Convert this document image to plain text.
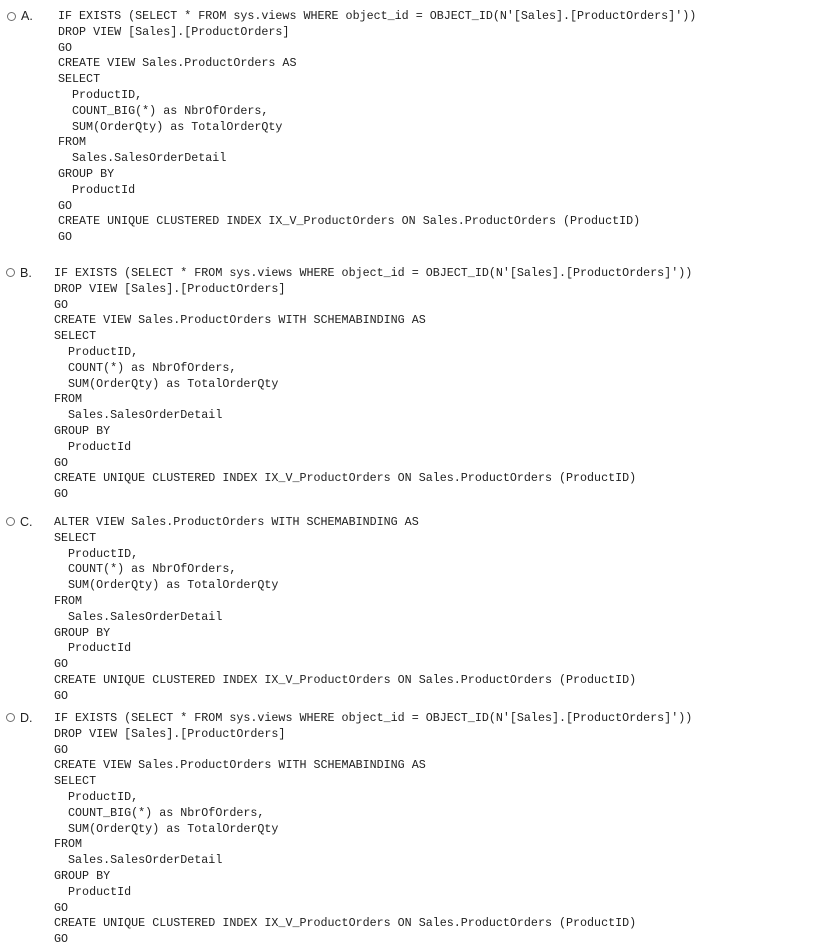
A. IF EXISTS (SELECT * FROM sys.views WHERE object_id = OBJECT_ID(N'[Sales].[ProductOrders]'))
DROP VIEW [Sales].[ProductOrders]
GO
CREATE VIEW Sales.ProductOrders AS
SELECT
ProductID,
COUNT_BIG(*) as NbrOfOrders,
SUM(OrderQty) as TotalOrderQty
FROM
Sales.SalesOrderDetail
GROUP BY
ProductId
GO
CREATE UNIQUE CLUSTERED INDEX IX_V_ProductOrders ON Sales.ProductOrders (ProductID)
GO
B. IF EXISTS (SELECT * FROM sys.views WHERE object_id = OBJECT_ID(N'[Sales].[ProductOrders]'))
DROP VIEW [Sales].[ProductOrders]
GO
CREATE VIEW Sales.ProductOrders WITH SCHEMABINDING AS
SELECT
ProductID,
COUNT(*) as NbrOfOrders,
SUM(OrderQty) as TotalOrderQty
FROM
Sales.SalesOrderDetail
GROUP BY
ProductId
GO
CREATE UNIQUE CLUSTERED INDEX IX_V_ProductOrders ON Sales.ProductOrders (ProductID)
GO
C. ALTER VIEW Sales.ProductOrders WITH SCHEMABINDING AS
SELECT
ProductID,
COUNT(*) as NbrOfOrders,
SUM(OrderQty) as TotalOrderQty
FROM
Sales.SalesOrderDetail
GROUP BY
ProductId
GO
CREATE UNIQUE CLUSTERED INDEX IX_V_ProductOrders ON Sales.ProductOrders (ProductID)
GO
D. IF EXISTS (SELECT * FROM sys.views WHERE object_id = OBJECT_ID(N'[Sales].[ProductOrders]'))
DROP VIEW [Sales].[ProductOrders]
GO
CREATE VIEW Sales.ProductOrders WITH SCHEMABINDING AS
SELECT
ProductID,
COUNT_BIG(*) as NbrOfOrders,
SUM(OrderQty) as TotalOrderQty
FROM
Sales.SalesOrderDetail
GROUP BY
ProductId
GO
CREATE UNIQUE CLUSTERED INDEX IX_V_ProductOrders ON Sales.ProductOrders (ProductID)
GO
